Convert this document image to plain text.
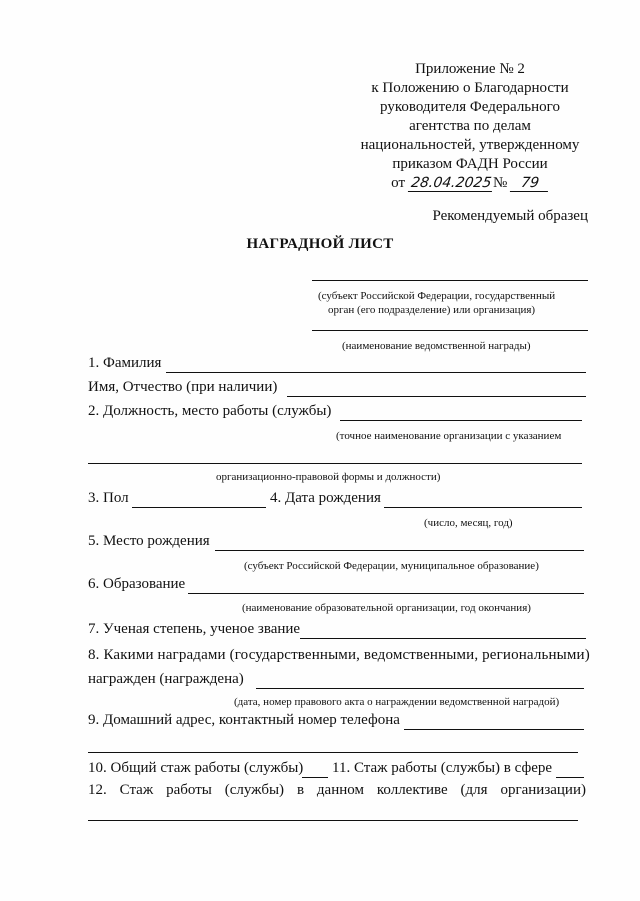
Приложение № 2
к Положению о Благодарности
руководителя Федерального
агентства по делам
национальностей, утвержденному
приказом ФАДН России
от 28.04.2025№ 79
Рекомендуемый образец
НАГРАДНОЙ ЛИСТ
(субъект Российской Федерации, государственный
орган (его подразделение) или организация)
(наименование ведомственной награды)
1. Фамилия
Имя, Отчество (при наличии)
2. Должность, место работы (службы)
(точное наименование организации с указанием
организационно-правовой формы и должности)
3. Пол	4. Дата рождения
(число, месяц, год)
5. Место рождения
(субъект Российской Федерации, муниципальное образование)
6. Образование
(наименование образовательной организации, год окончания)
7. Ученая степень, ученое звание
8. Какими наградами (государственными, ведомственными, региональными)
награжден (награждена)
(дата, номер правового акта о награждении ведомственной наградой)
9. Домашний адрес, контактный номер телефона
10. Общий стаж работы (службы) 11. Стаж работы (службы) в сфере
12. Стаж работы (службы) в данном коллективе (для организации)
